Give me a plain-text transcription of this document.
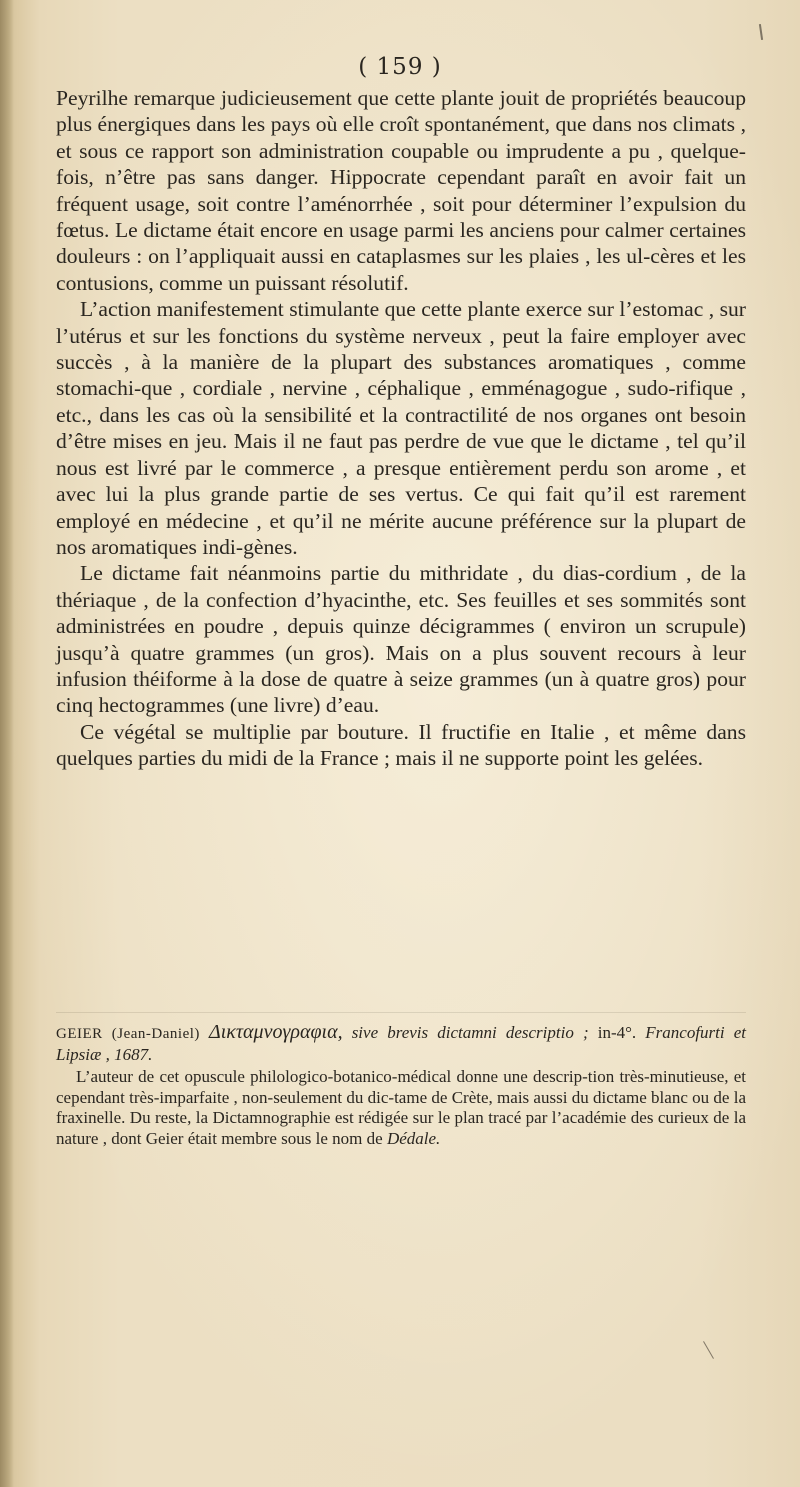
( 159 )

Peyrilhe remarque judicieusement que cette plante jouit de propriétés beaucoup plus énergiques dans les pays où elle croît spontanément, que dans nos climats , et sous ce rapport son administration coupable ou imprudente a pu , quelque-fois, n’être pas sans danger. Hippocrate cependant paraît en avoir fait un fréquent usage, soit contre l’aménorrhée , soit pour déterminer l’expulsion du fœtus. Le dictame était encore en usage parmi les anciens pour calmer certaines douleurs : on l’appliquait aussi en cataplasmes sur les plaies , les ul-cères et les contusions, comme un puissant résolutif.

L’action manifestement stimulante que cette plante exerce sur l’estomac , sur l’utérus et sur les fonctions du système nerveux , peut la faire employer avec succès , à la manière de la plupart des substances aromatiques , comme stomachi-que , cordiale , nervine , céphalique , emménagogue , sudo-rifique , etc., dans les cas où la sensibilité et la contractilité de nos organes ont besoin d’être mises en jeu. Mais il ne faut pas perdre de vue que le dictame , tel qu’il nous est livré par le commerce , a presque entièrement perdu son arome , et avec lui la plus grande partie de ses vertus. Ce qui fait qu’il est rarement employé en médecine , et qu’il ne mérite aucune préférence sur la plupart de nos aromatiques indi-gènes.

Le dictame fait néanmoins partie du mithridate , du dias-cordium , de la thériaque , de la confection d’hyacinthe, etc. Ses feuilles et ses sommités sont administrées en poudre , depuis quinze décigrammes ( environ un scrupule) jusqu’à quatre grammes (un gros). Mais on a plus souvent recours à leur infusion théiforme à la dose de quatre à seize grammes (un à quatre gros) pour cinq hectogrammes (une livre) d’eau.

Ce végétal se multiplie par bouture. Il fructifie en Italie , et même dans quelques parties du midi de la France ; mais il ne supporte point les gelées.

GEIER (Jean-Daniel) Δικταμνογραφια, sive brevis dictamni descriptio ; in-4°. Francofurti et Lipsiæ , 1687.

L’auteur de cet opuscule philologico-botanico-médical donne une descrip-tion très-minutieuse, et cependant très-imparfaite , non-seulement du dic-tame de Crète, mais aussi du dictame blanc ou de la fraxinelle. Du reste, la Dictamnographie est rédigée sur le plan tracé par l’académie des curieux de la nature , dont Geier était membre sous le nom de Dédale.
